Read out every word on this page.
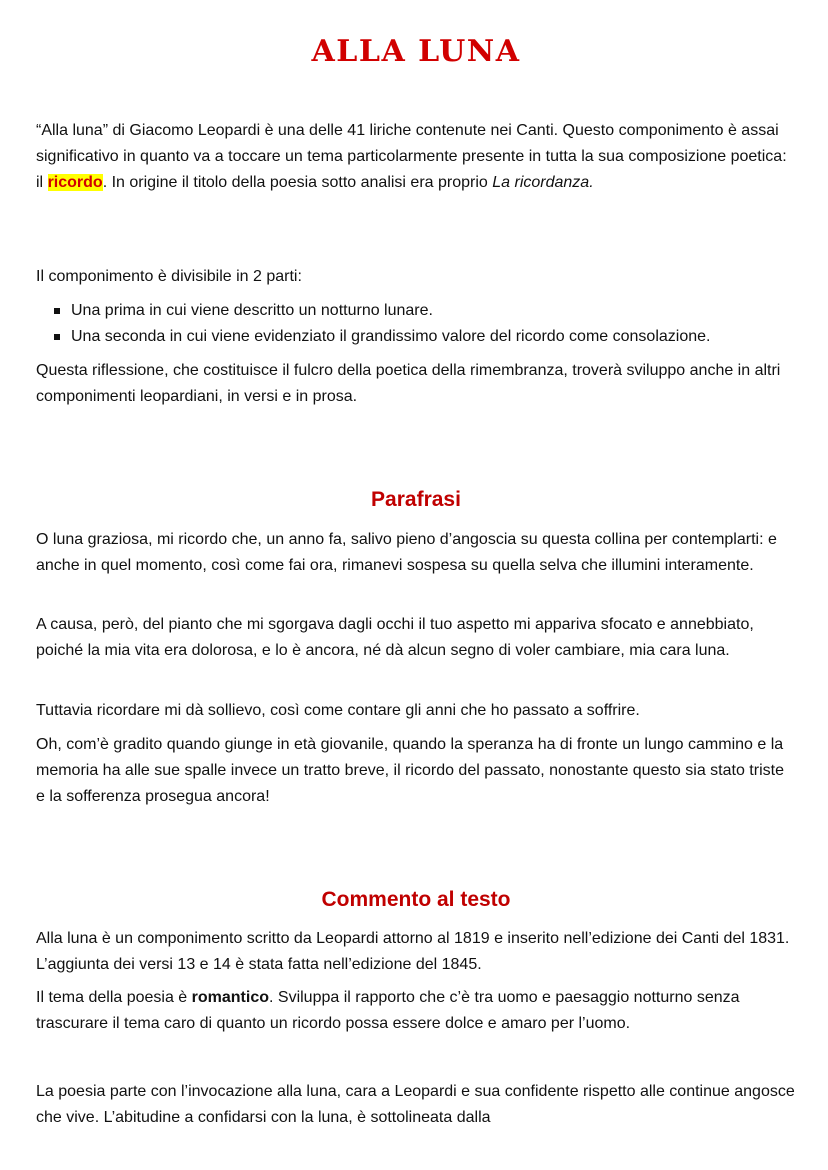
ALLA LUNA

“Alla luna” di Giacomo Leopardi è una delle 41 liriche contenute nei Canti. Questo componimento è assai significativo in quanto va a toccare un tema particolarmente presente in tutta la sua composizione poetica: il ricordo. In origine il titolo della poesia sotto analisi era proprio La ricordanza.

Il componimento è divisibile in 2 parti:

Una prima in cui viene descritto un notturno lunare.
Una seconda in cui viene evidenziato il grandissimo valore del ricordo come consolazione.

Questa riflessione, che costituisce il fulcro della poetica della rimembranza, troverà sviluppo anche in altri componimenti leopardiani, in versi e in prosa.

Parafrasi

O luna graziosa, mi ricordo che, un anno fa, salivo pieno d’angoscia su questa collina per contemplarti: e anche in quel momento, così come fai ora, rimanevi sospesa su quella selva che illumini interamente.

A causa, però, del pianto che mi sgorgava dagli occhi il tuo aspetto mi appariva sfocato e annebbiato, poiché la mia vita era dolorosa, e lo è ancora, né dà alcun segno di voler cambiare, mia cara luna.

Tuttavia ricordare mi dà sollievo, così come contare gli anni che ho passato a soffrire.

Oh, com’è gradito quando giunge in età giovanile, quando la speranza ha di fronte un lungo cammino e la memoria ha alle sue spalle invece un tratto breve, il ricordo del passato, nonostante questo sia stato triste e la sofferenza prosegua ancora!

Commento al testo

Alla luna è un componimento scritto da Leopardi attorno al 1819 e inserito nell’edizione dei Canti del 1831. L’aggiunta dei versi 13 e 14 è stata fatta nell’edizione del 1845.

Il tema della poesia è romantico. Sviluppa il rapporto che c’è tra uomo e paesaggio notturno senza trascurare il tema caro di quanto un ricordo possa essere dolce e amaro per l’uomo.

La poesia parte con l’invocazione alla luna, cara a Leopardi e sua confidente rispetto alle continue angosce che vive. L’abitudine a confidarsi con la luna, è sottolineata dalla
